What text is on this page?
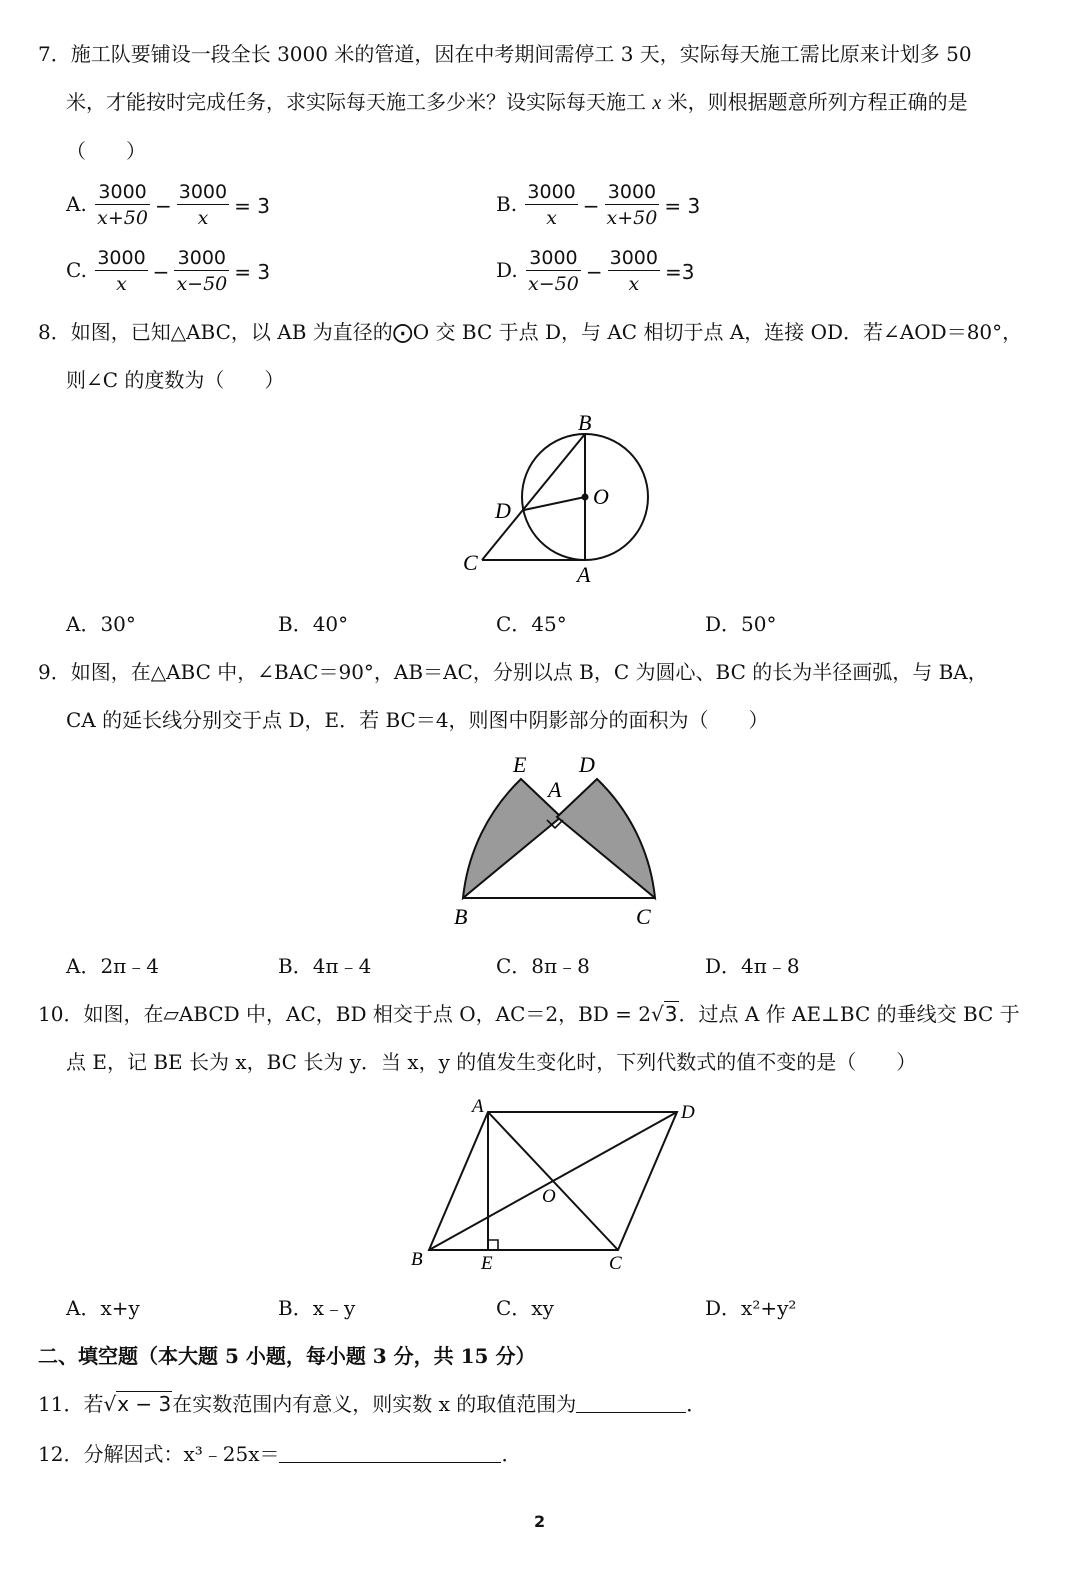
7．施工队要铺设一段全长 3000 米的管道，因在中考期间需停工 3 天，实际每天施工需比原来计划多 50
米，才能按时完成任务，求实际每天施工多少米？设实际每天施工 x 米，则根据题意所列方程正确的是
（　　）
A. $\frac{3000}{x+50} - \frac{3000}{x} = 3$	B. $\frac{3000}{x} - \frac{3000}{x+50} = 3$
C. $\frac{3000}{x} - \frac{3000}{x-50} = 3$	D. $\frac{3000}{x-50} - \frac{3000}{x} =3$
8．如图，已知△ABC，以 AB 为直径的⨀O 交 BC 于点 D，与 AC 相切于点 A，连接 OD．若∠AOD＝80°，
则∠C 的度数为（　　）
B
O
D
C	A
A．30°	B．40°	C．45°	D．50°
9．如图，在△ABC 中，∠BAC＝90°，AB＝AC，分别以点 B，C 为圆心、BC 的长为半径画弧，与 BA，
CA 的延长线分别交于点 D，E．若 BC＝4，则图中阴影部分的面积为（　　）
E D
A
B	C
A．2π﹣4	B．4π﹣4	C．8π﹣8	D．4π﹣8
10．如图，在▱ABCD 中，AC，BD 相交于点 O，AC＝2，BD = 2√3．过点 A 作 AE⊥BC 的垂线交 BC 于
点 E，记 BE 长为 x，BC 长为 y．当 x，y 的值发生变化时，下列代数式的值不变的是（　　）
A	D
O
B	E	C
A．x+y	B．x﹣y	C．xy	D．x²+y²
二、填空题（本大题 5 小题，每小题 3 分，共 15 分）
11．若√x − 3在实数范围内有意义，则实数 x 的取值范围为	．
12．分解因式：x³﹣25x＝	．
2
